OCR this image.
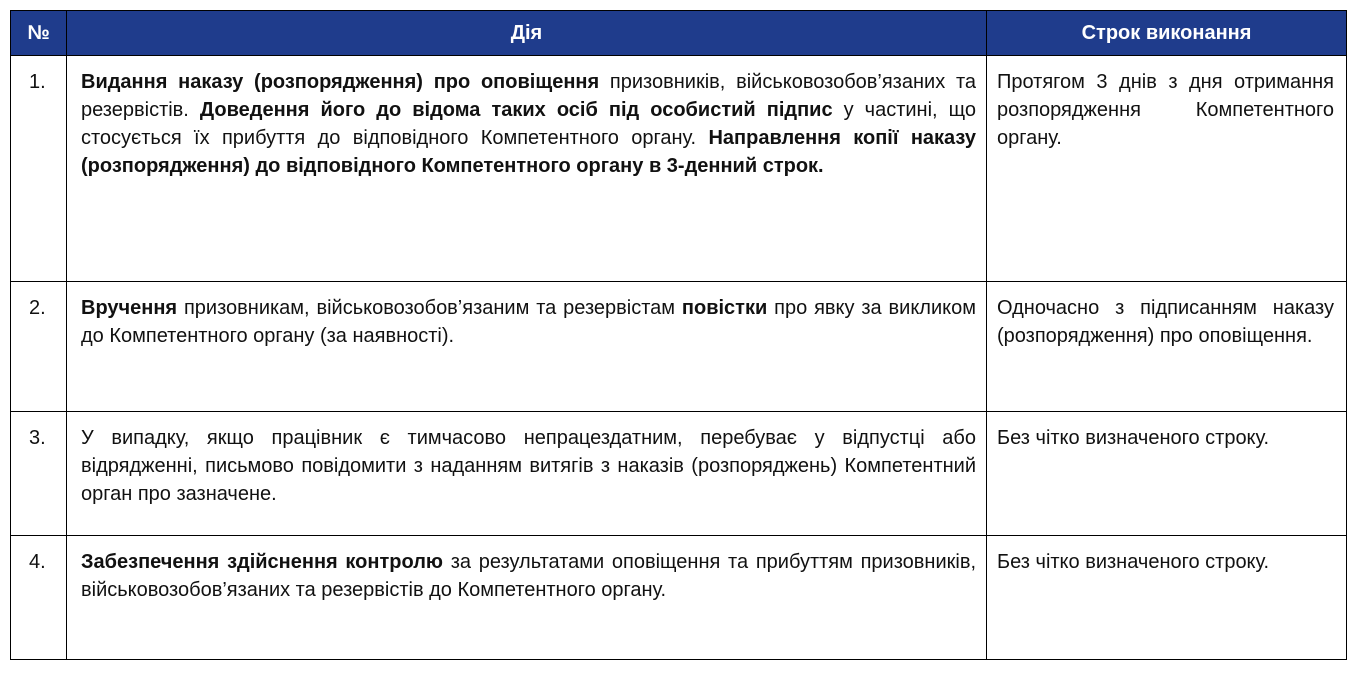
№	Дія	Строк виконання
1.	Видання наказу (розпорядження) про оповіщення призовників, військовозобов’язаних та резервістів. Доведення його до відома таких осіб під особистий підпис у частині, що стосується їх прибуття до відповідного Компетентного органу. Направлення копії наказу (розпорядження) до відповідного Компетентного органу в 3-денний строк.	Протягом 3 днів з дня отримання розпорядження Компетентного органу.
2.	Вручення призовникам, військовозобов’язаним та резервістам повістки про явку за викликом до Компетентного органу (за наявності).	Одночасно з підписанням наказу (розпорядження) про оповіщення.
3.	У випадку, якщо працівник є тимчасово непрацездатним, перебуває у відпустці або відрядженні, письмово повідомити з наданням витягів з наказів (розпоряджень) Компетентний орган про зазначене.	Без чітко визначеного строку.
4.	Забезпечення здійснення контролю за результатами оповіщення та прибуттям призовників, військовозобов’язаних та резервістів до Компетентного органу.	Без чітко визначеного строку.
